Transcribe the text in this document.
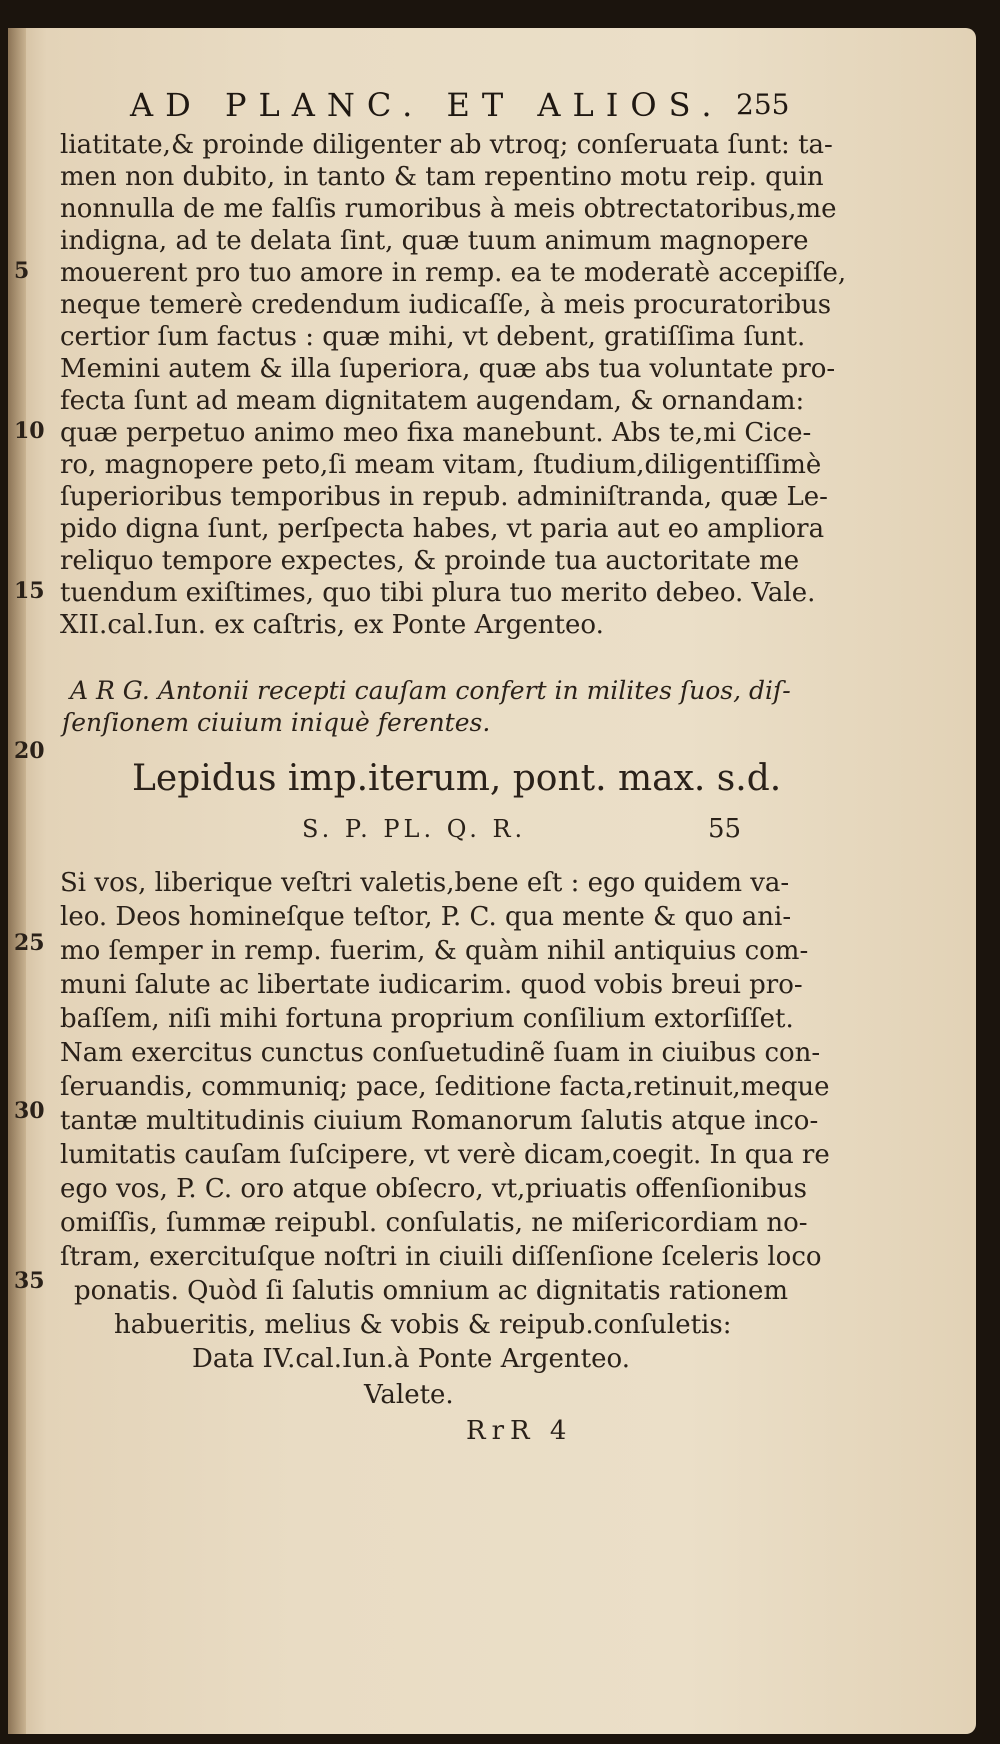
AD PLANC. ET ALIOS. 255
liatitate,& proinde diligenter ab vtroq; conſeruata ſunt: ta-
men non dubito, in tanto & tam repentino motu reip. quin
nonnulla de me falſis rumoribus à meis obtrectatoribus,me
indigna, ad te delata ſint, quæ tuum animum magnopere
mouerent pro tuo amore in remp. ea te moderatè accepiſſe,
neque temerè credendum iudicaſſe, à meis procuratoribus
certior ſum factus : quæ mihi, vt debent, gratiſſima ſunt.
Memini autem & illa ſuperiora, quæ abs tua voluntate pro-
fecta ſunt ad meam dignitatem augendam, & ornandam:
quæ perpetuo animo meo fixa manebunt. Abs te,mi Cice-
ro, magnopere peto,ſi meam vitam, ſtudium,diligentiſſimè
ſuperioribus temporibus in repub. adminiſtranda, quæ Le-
pido digna ſunt, perſpecta habes, vt paria aut eo ampliora
reliquo tempore expectes, & proinde tua auctoritate me
tuendum exiſtimes, quo tibi plura tuo merito debeo. Vale.
XII.cal.Iun. ex caſtris, ex Ponte Argenteo.
5
10
15
20
25
30
35
A R G. Antonii recepti cauſam confert in milites ſuos, diſ-
ſenſionem ciuium iniquè ferentes.
Lepidus imp.iterum, pont. max. s.d.
S. P. PL. Q. R.	55
Si vos, liberique veſtri valetis,bene eſt : ego quidem va-
leo. Deos homineſque teſtor, P. C. qua mente & quo ani-
mo ſemper in remp. fuerim, & quàm nihil antiquius com-
muni ſalute ac libertate iudicarim. quod vobis breui pro-
baſſem, niſi mihi fortuna proprium conſilium extorſiſſet.
Nam exercitus cunctus conſuetudinẽ ſuam in ciuibus con-
ſeruandis, communiq; pace, ſeditione facta,retinuit,meque
tantæ multitudinis ciuium Romanorum ſalutis atque inco-
lumitatis cauſam ſuſcipere, vt verè dicam,coegit. In qua re
ego vos, P. C. oro atque obſecro, vt,priuatis offenſionibus
omiſſis, ſummæ reipubl. conſulatis, ne miſericordiam no-
ſtram, exercituſque noſtri in ciuili diſſenſione ſceleris loco
ponatis. Quòd ſi ſalutis omnium ac dignitatis rationem
habueritis, melius & vobis & reipub.conſuletis:
Data IV.cal.Iun.à Ponte Argenteo.
Valete.
RrR 4
